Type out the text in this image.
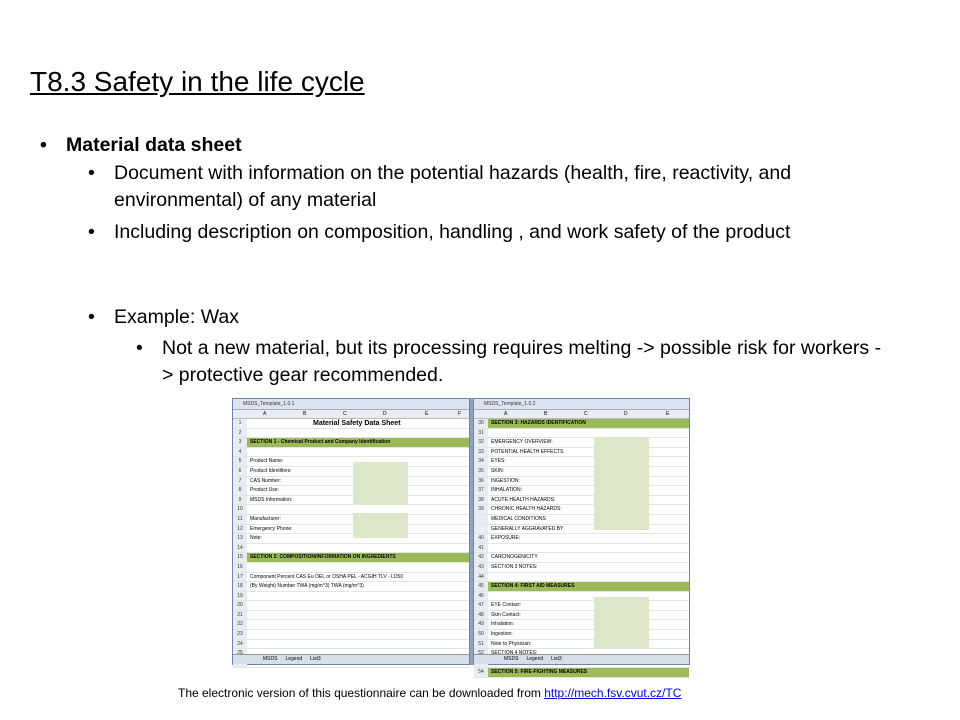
T8.3 Safety in the life cycle
• Material data sheet
• Document with information on the potential hazards (health, fire, reactivity, and environmental) of any material
• Including description on composition, handling , and work safety of the product
• Example: Wax
• Not a new material, but its processing requires melting -> possible risk for workers -> protective gear recommended.
MSDS_Template_1.0.1
A	B	C	D	E	F
1
2
3	SECTION 1 - Chemical Product and Company Identification
4
5	Product Name:
6	Product Identifiers:
7	CAS Number:
8	Product Use:
9	MSDS Information:
10
11	Manufacturer:
12	Emergency Phone:
13	Note:
14
15	SECTION 2: COMPOSITION/INFORMATION ON INGREDIENTS
16
17	Component Percent CAS Eu OEL or OSHA PEL - ACGIH TLV - LD50
18	(By Weight) Number TWA (mg/m^3) TWA (mg/m^3)
19
20
21
22
23
24
Material Safety Data Sheet
MSDS Legend List3
MSDS_Template_1.0.2
A	B	C	D	E
30	SECTION 3: HAZARDS IDENTIFICATION
31
32	EMERGENCY OVERVIEW:
33	POTENTIAL HEALTH EFFECTS
34	EYES:
35	SKIN:
36	INGESTION:
37	INHALATION:
38	ACUTE HEALTH HAZARDS:
39	CHRONIC HEALTH HAZARDS:
MEDICAL CONDITIONS
GENERALLY AGGRAVATED BY
40	EXPOSURE:
41
42	CARCINOGENICITY
43	SECTION 3 NOTES:
44
45	SECTION 4: FIRST AID MEASURES
46
47	EYE Contact:
48	Skin Contact:
49	Inhalation:
50	Ingestion:
51	Note to Physician:
54	SECTION 5: FIRE-FIGHTING MEASURES
MSDS Legend List3
The electronic version of this questionnaire can be downloaded from http://mech.fsv.cvut.cz/TC
